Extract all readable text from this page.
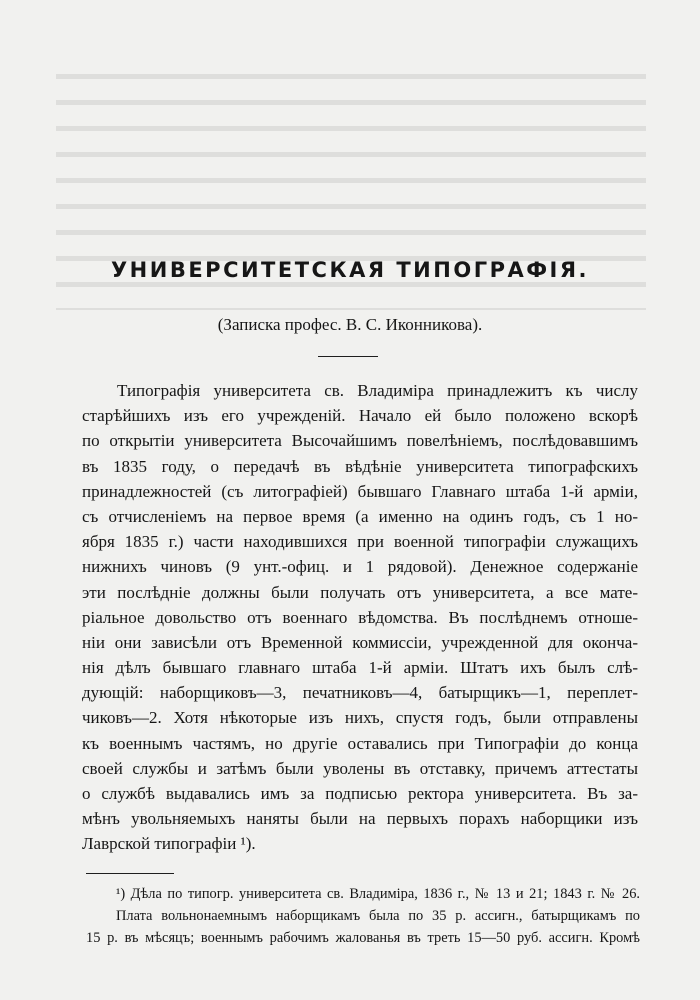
УНИВЕРСИТЕТСКАЯ ТИПОГРАФІЯ.
(Записка профес. В. С. Иконникова).
Типографія университета св. Владиміра принадлежитъ къ числу
старѣйшихъ изъ его учрежденій. Начало ей было положено вскорѣ
по открытіи университета Высочайшимъ повелѣніемъ, послѣдовавшимъ
въ 1835 году, о передачѣ въ вѣдѣніе университета типографскихъ
принадлежностей (съ литографіей) бывшаго Главнаго штаба 1-й арміи,
съ отчисленіемъ на первое время (а именно на одинъ годъ, съ 1 но-
ября 1835 г.) части находившихся при военной типографіи служащихъ
нижнихъ чиновъ (9 унт.-офиц. и 1 рядовой). Денежное содержаніе
эти послѣдніе должны были получать отъ университета, а все мате-
ріальное довольство отъ военнаго вѣдомства. Въ послѣднемъ отноше-
ніи они зависѣли отъ Временной коммиссіи, учрежденной для оконча-
нія дѣлъ бывшаго главнаго штаба 1-й арміи. Штатъ ихъ былъ слѣ-
дующій: наборщиковъ—3, печатниковъ—4, батырщикъ—1, переплет-
чиковъ—2. Хотя нѣкоторые изъ нихъ, спустя годъ, были отправлены
къ военнымъ частямъ, но другіе оставались при Типографіи до конца
своей службы и затѣмъ были уволены въ отставку, причемъ аттестаты
о службѣ выдавались имъ за подписью ректора университета. Въ за-
мѣнъ увольняемыхъ наняты были на первыхъ порахъ наборщики изъ
Лаврской типографіи ¹).
¹) Дѣла по типогр. университета св. Владиміра, 1836 г., № 13 и 21; 1843 г. № 26.
Плата вольнонаемнымъ наборщикамъ была по 35 р. ассигн., батырщикамъ по
15 р. въ мѣсяцъ; военнымъ рабочимъ жалованья въ треть 15—50 руб. ассигн. Кромѣ
